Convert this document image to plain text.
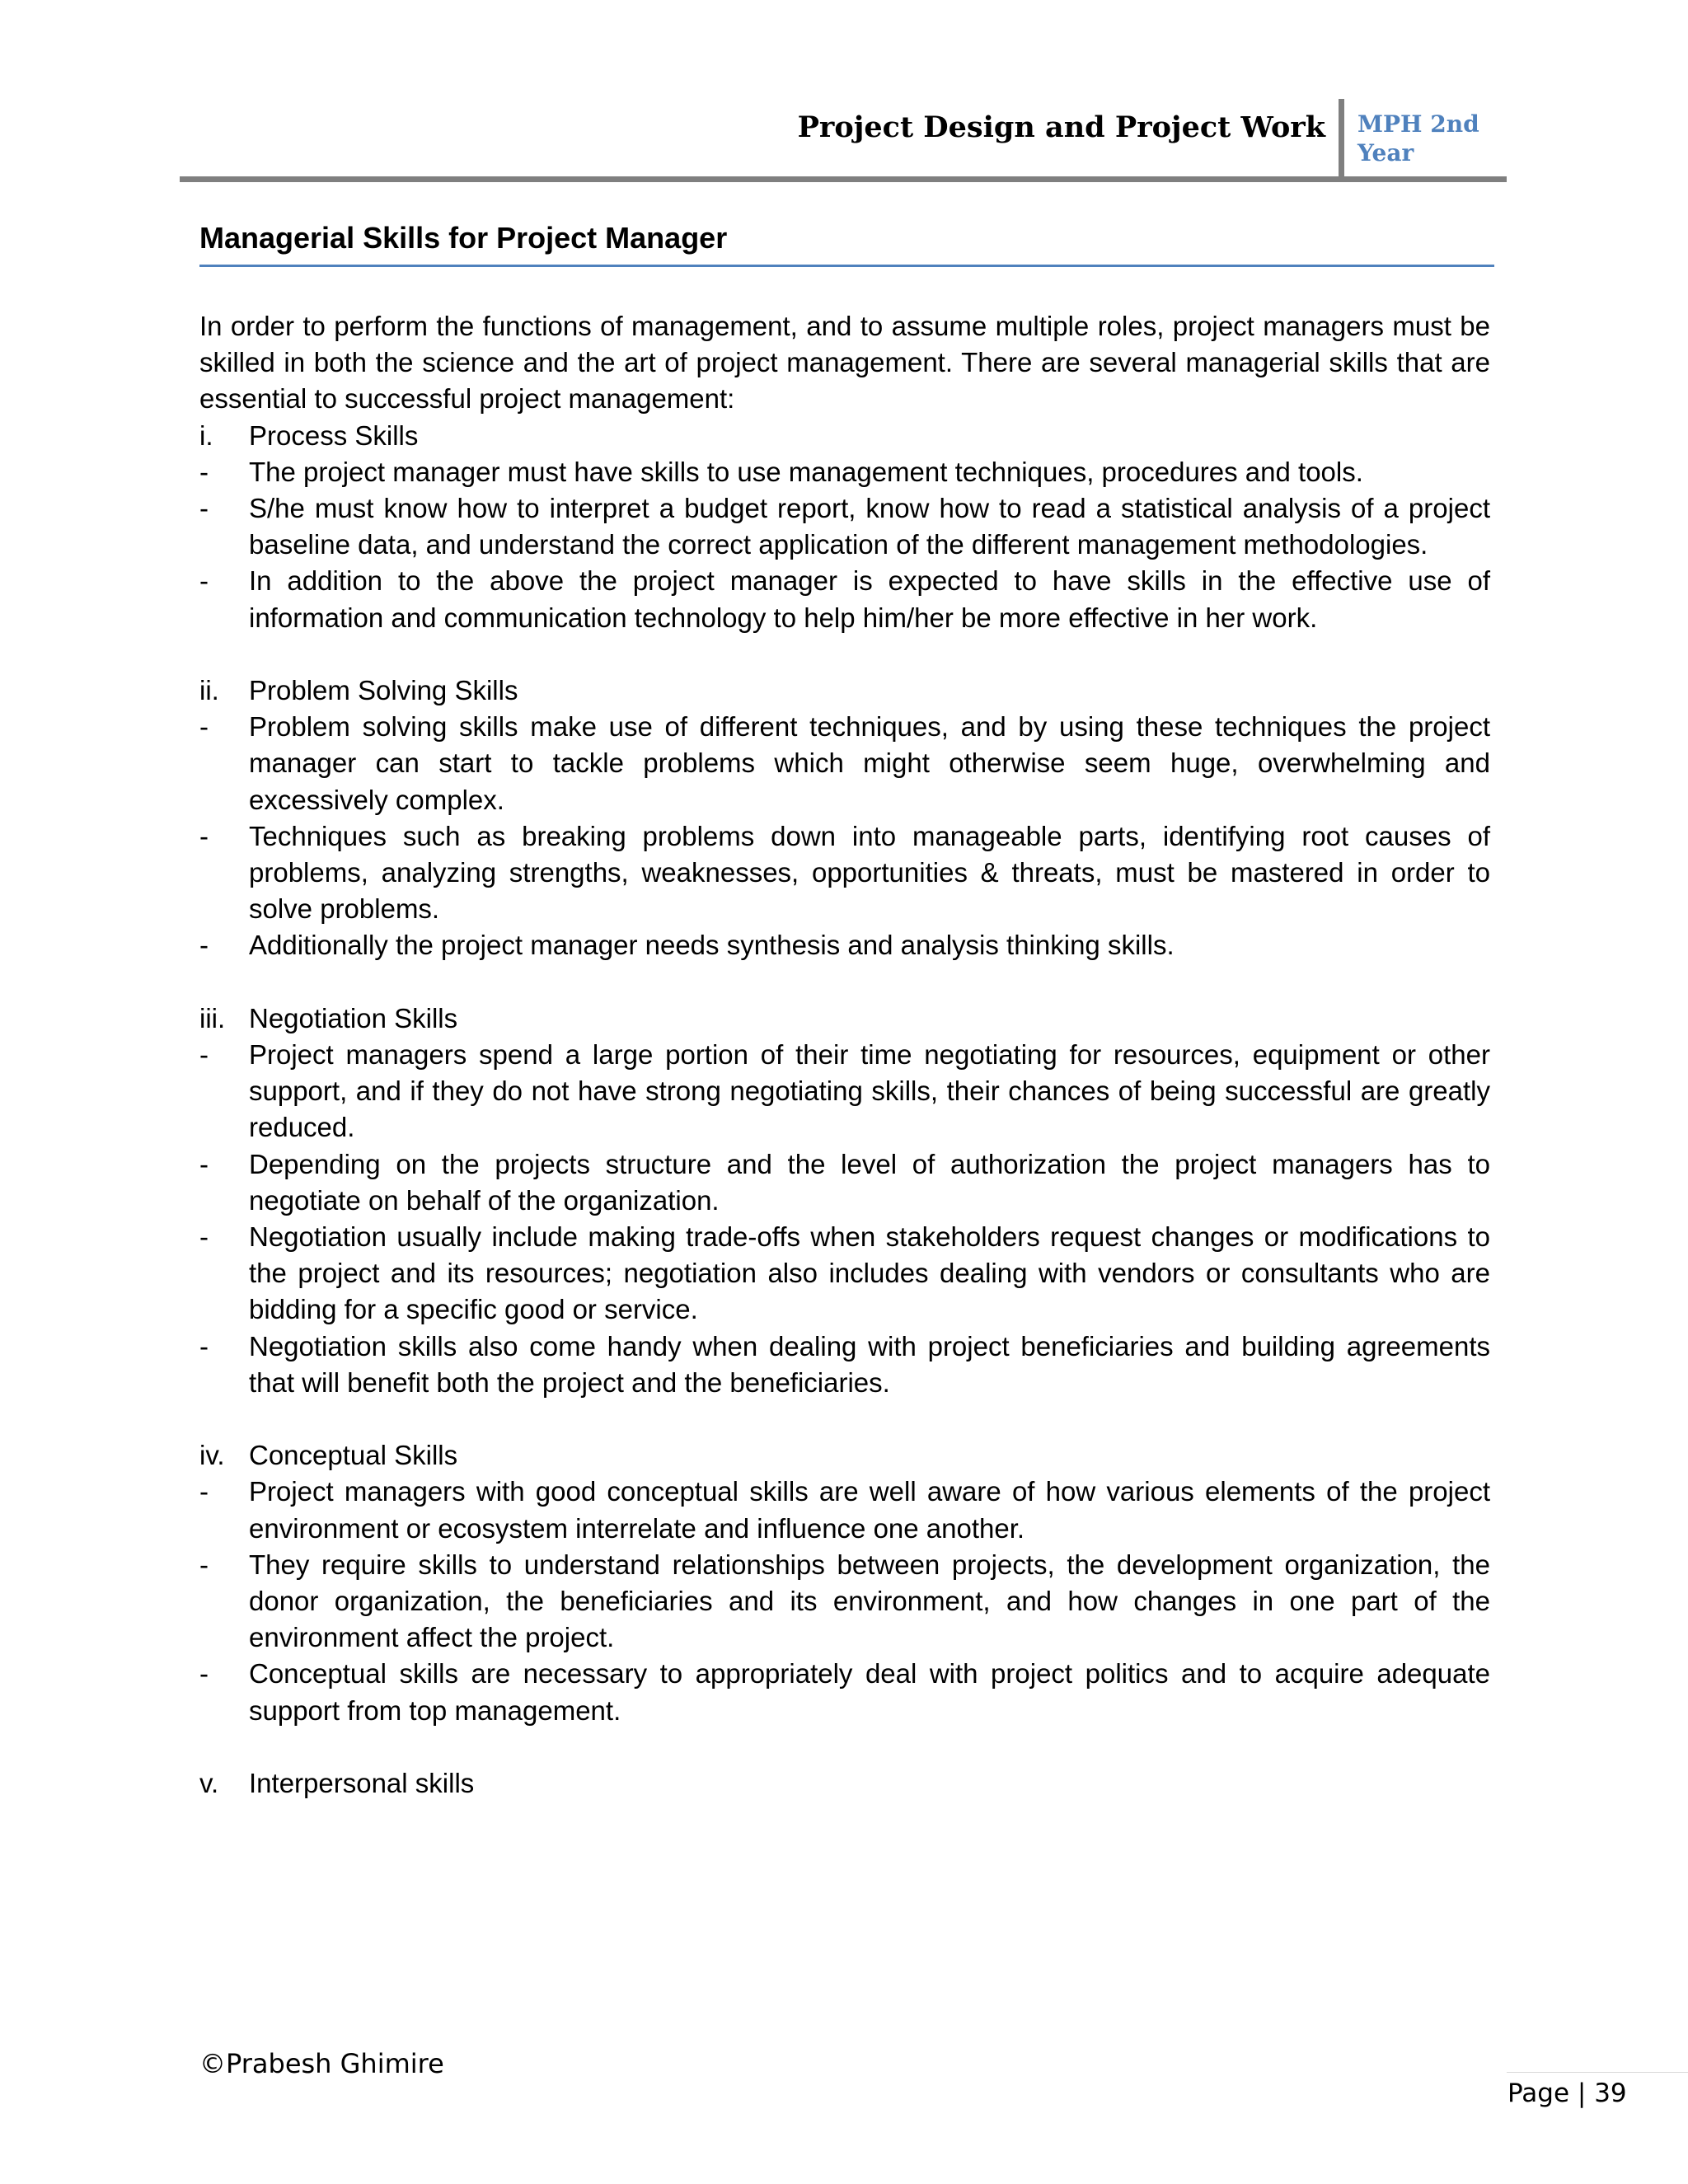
Project Design and Project Work MPH 2nd Year
Managerial Skills for Project Manager

In order to perform the functions of management, and to assume multiple roles, project managers must be skilled in both the science and the art of project management. There are several managerial skills that are essential to successful project management:

i.	Process Skills
-	The project manager must have skills to use management techniques, procedures and tools.
-	S/he must know how to interpret a budget report, know how to read a statistical analysis of a project baseline data, and understand the correct application of the different management methodologies.
-	In addition to the above the project manager is expected to have skills in the effective use of information and communication technology to help him/her be more effective in her work.
ii.	Problem Solving Skills
-	Problem solving skills make use of different techniques, and by using these techniques the project manager can start to tackle problems which might otherwise seem huge, overwhelming and excessively complex.
-	Techniques such as breaking problems down into manageable parts, identifying root causes of problems, analyzing strengths, weaknesses, opportunities & threats, must be mastered in order to solve problems.
-	Additionally the project manager needs synthesis and analysis thinking skills.
iii. Negotiation Skills
-	Project managers spend a large portion of their time negotiating for resources, equipment or other support, and if they do not have strong negotiating skills, their chances of being successful are greatly reduced.
-	Depending on the projects structure and the level of authorization the project managers has to negotiate on behalf of the organization.
-	Negotiation usually include making trade-offs when stakeholders request changes or modifications to the project and its resources; negotiation also includes dealing with vendors or consultants who are bidding for a specific good or service.
-	Negotiation skills also come handy when dealing with project beneficiaries and building agreements that will benefit both the project and the beneficiaries.
iv. Conceptual Skills
-	Project managers with good conceptual skills are well aware of how various elements of the project environment or ecosystem interrelate and influence one another.
-	They require skills to understand relationships between projects, the development organization, the donor organization, the beneficiaries and its environment, and how changes in one part of the environment affect the project.
-	Conceptual skills are necessary to appropriately deal with project politics and to acquire adequate support from top management.
v.	Interpersonal skills
©Prabesh Ghimire
Page | 39
